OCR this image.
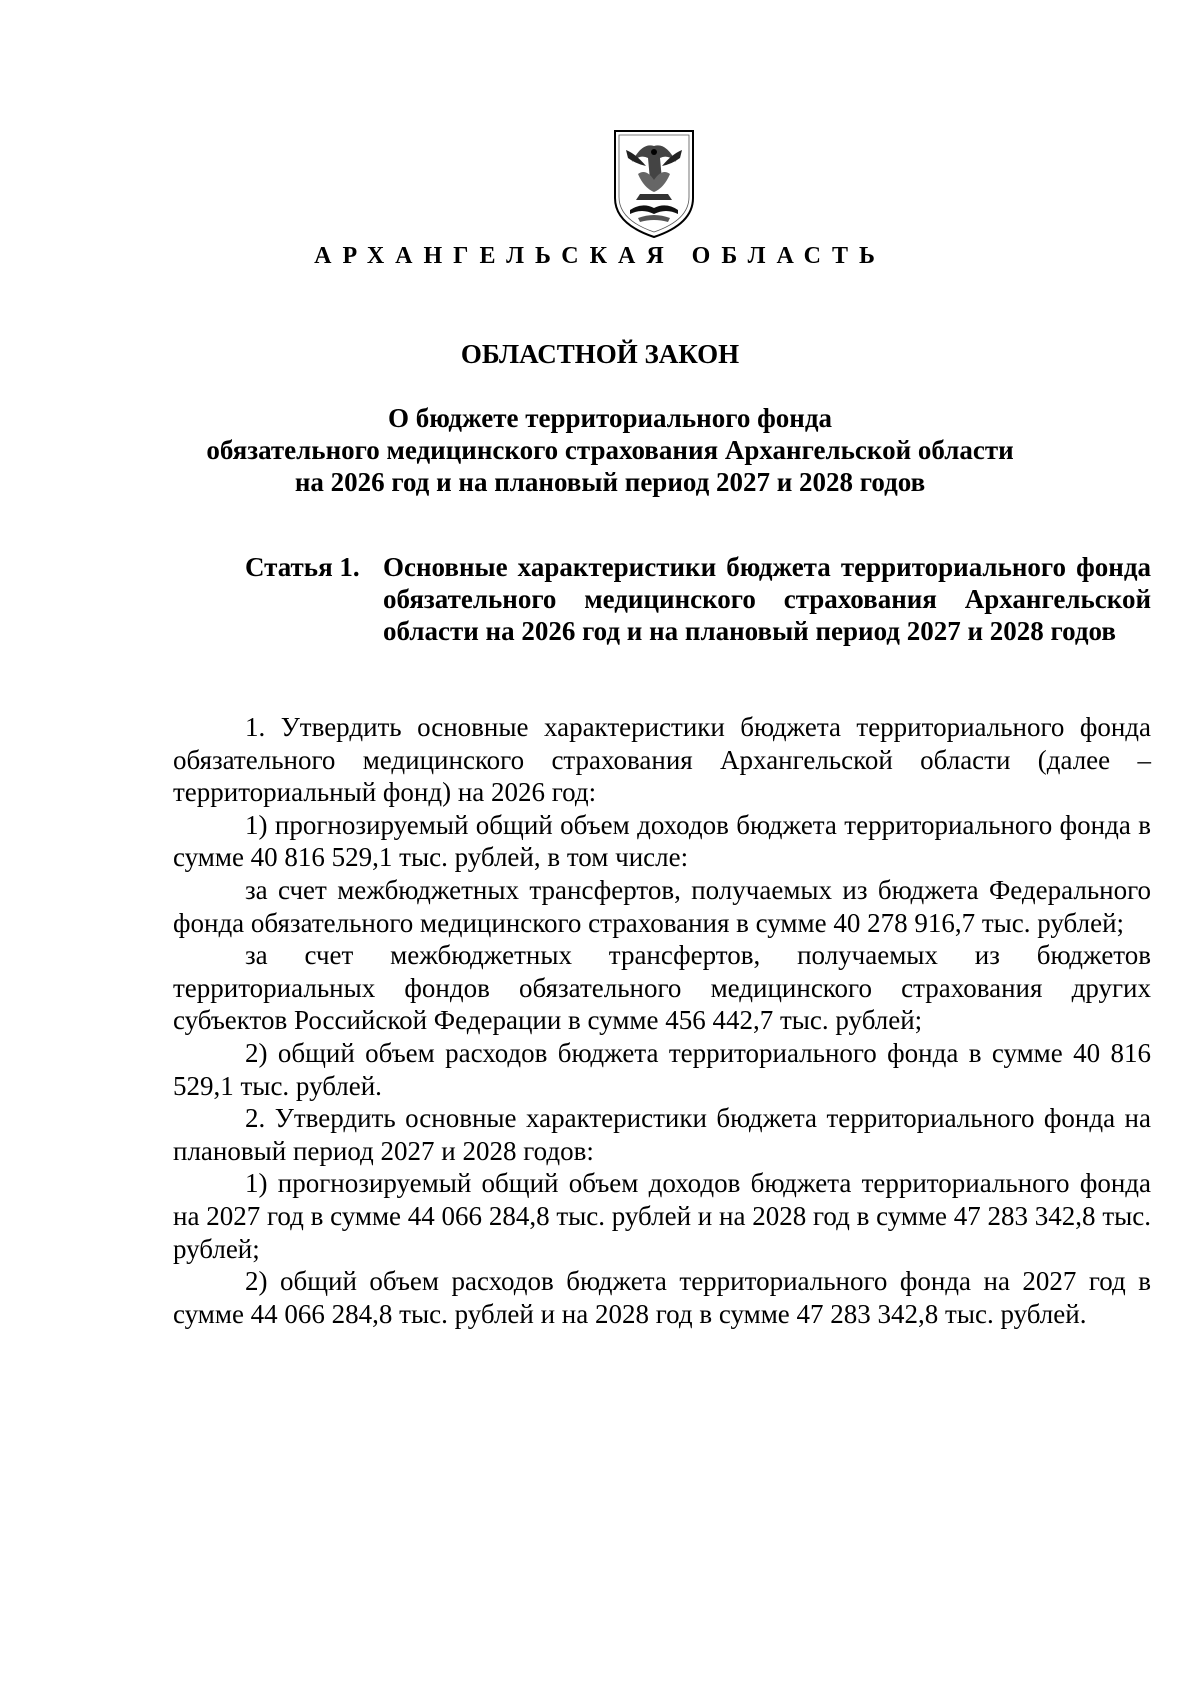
АРХАНГЕЛЬСКАЯ ОБЛАСТЬ
ОБЛАСТНОЙ ЗАКОН
О бюджете территориального фонда
обязательного медицинского страхования Архангельской области
на 2026 год и на плановый период 2027 и 2028 годов
Статья 1. Основные характеристики бюджета территориального фонда обязательного медицинского страхования Архангельской области на 2026 год и на плановый период 2027 и 2028 годов

1. Утвердить основные характеристики бюджета территориального фонда обязательного медицинского страхования Архангельской области (далее – территориальный фонд) на 2026 год:

1) прогнозируемый общий объем доходов бюджета территориального фонда в сумме 40 816 529,1 тыс. рублей, в том числе:

за счет межбюджетных трансфертов, получаемых из бюджета Федерального фонда обязательного медицинского страхования в сумме 40 278 916,7 тыс. рублей;

за счет межбюджетных трансфертов, получаемых из бюджетов территориальных фондов обязательного медицинского страхования других субъектов Российской Федерации в сумме 456 442,7 тыс. рублей;

2) общий объем расходов бюджета территориального фонда в сумме 40 816 529,1 тыс. рублей.

2. Утвердить основные характеристики бюджета территориального фонда на плановый период 2027 и 2028 годов:

1) прогнозируемый общий объем доходов бюджета территориального фонда на 2027 год в сумме 44 066 284,8 тыс. рублей и на 2028 год в сумме 47 283 342,8 тыс. рублей;

2) общий объем расходов бюджета территориального фонда на 2027 год в сумме 44 066 284,8 тыс. рублей и на 2028 год в сумме 47 283 342,8 тыс. рублей.
